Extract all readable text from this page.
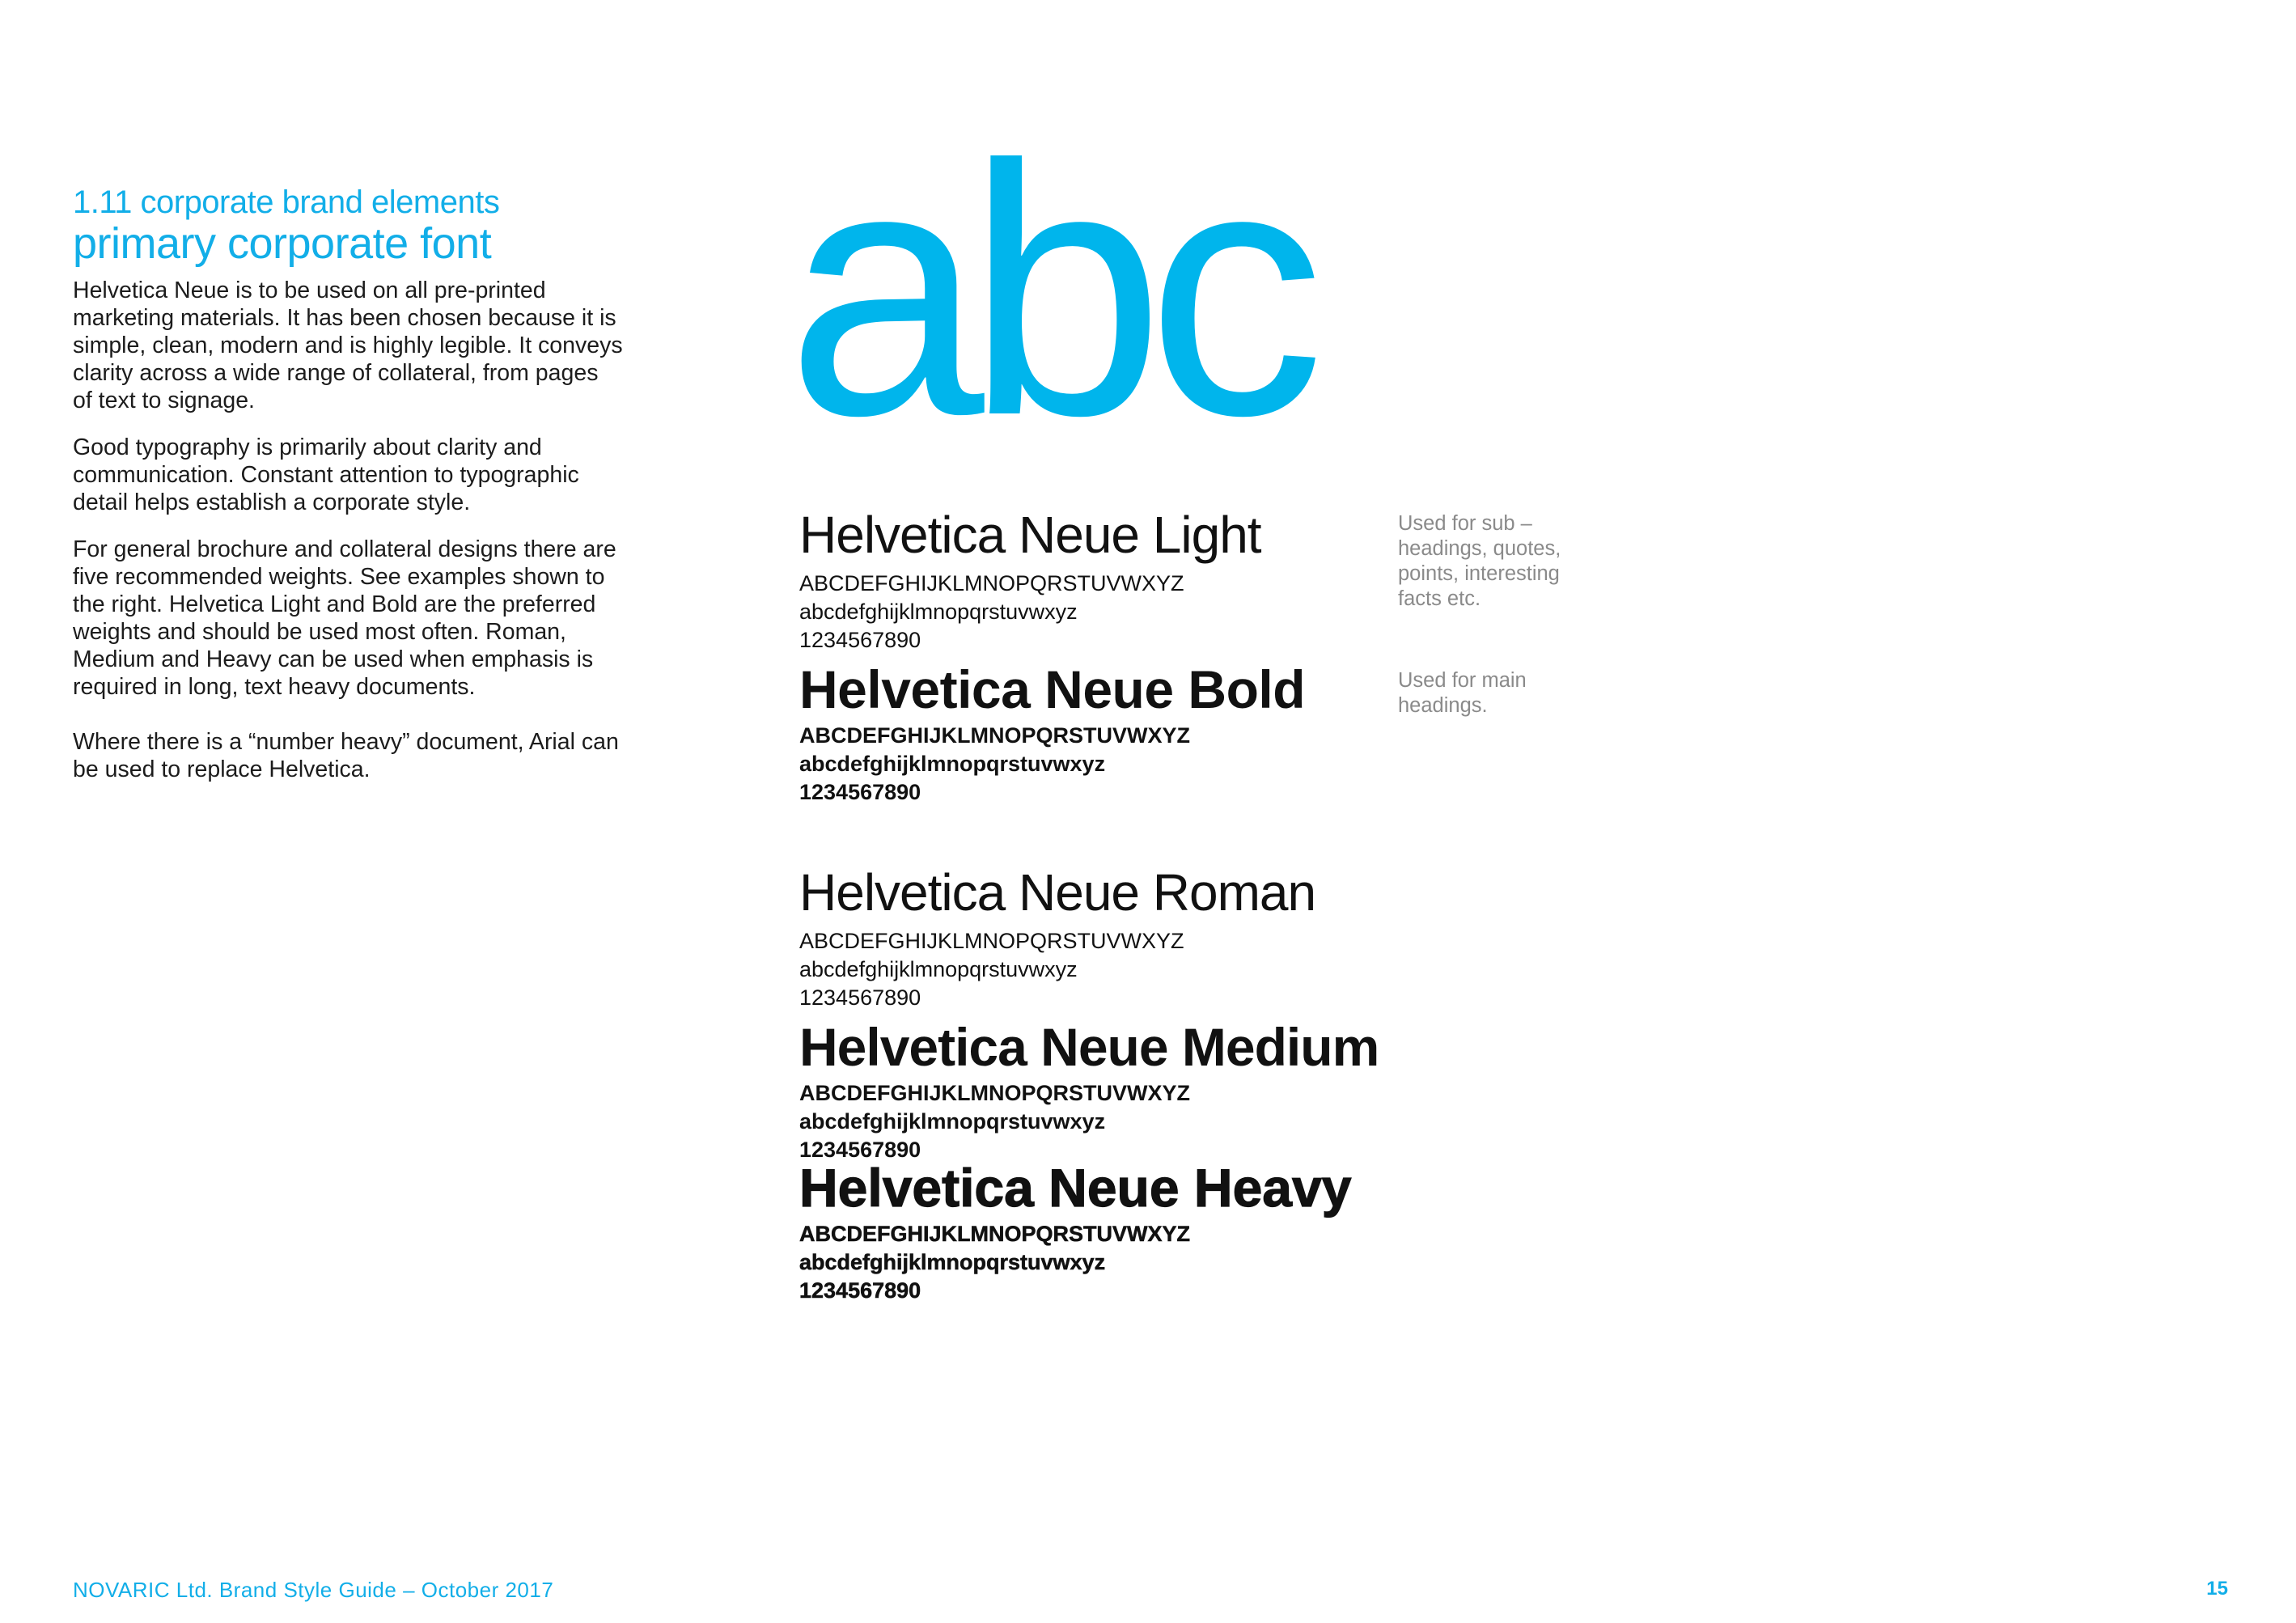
1.11 corporate brand elements
primary corporate font

Helvetica Neue is to be used on all pre-printed marketing materials. It has been chosen because it is simple, clean, modern and is highly legible. It conveys clarity across a wide range of collateral, from pages of text to signage.

Good typography is primarily about clarity and communication. Constant attention to typographic detail helps establish a corporate style.

For general brochure and collateral designs there are five recommended weights. See examples shown to the right. Helvetica Light and Bold are the preferred weights and should be used most often. Roman, Medium and Heavy can be used when emphasis is required in long, text heavy documents.

Where there is a “number heavy” document, Arial can be used to replace Helvetica.

abc
Helvetica Neue Light
ABCDEFGHIJKLMNOPQRSTUVWXYZ
abcdefghijklmnopqrstuvwxyz
1234567890
Helvetica Neue Bold
ABCDEFGHIJKLMNOPQRSTUVWXYZ
abcdefghijklmnopqrstuvwxyz
1234567890
Helvetica Neue Roman
ABCDEFGHIJKLMNOPQRSTUVWXYZ
abcdefghijklmnopqrstuvwxyz
1234567890
Helvetica Neue Medium
ABCDEFGHIJKLMNOPQRSTUVWXYZ
abcdefghijklmnopqrstuvwxyz
1234567890
Helvetica Neue Heavy
ABCDEFGHIJKLMNOPQRSTUVWXYZ
abcdefghijklmnopqrstuvwxyz
1234567890

Used for sub – headings, quotes, points, interesting facts etc.

Used for main headings.

NOVARIC Ltd. Brand Style Guide – October 2017	15
